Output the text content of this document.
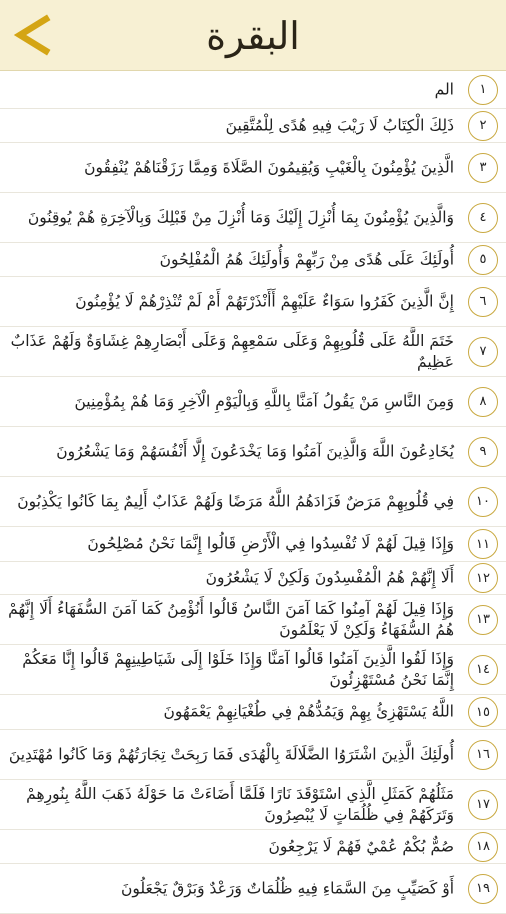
البقرة
١
الم
٢
ذَلِكَ الْكِتَابُ لَا رَيْبَ فِيهِ هُدًى لِلْمُتَّقِينَ
٣
الَّذِينَ يُؤْمِنُونَ بِالْغَيْبِ وَيُقِيمُونَ الصَّلَاةَ وَمِمَّا رَزَقْنَاهُمْ يُنْفِقُونَ
٤
وَالَّذِينَ يُؤْمِنُونَ بِمَا أُنْزِلَ إِلَيْكَ وَمَا أُنْزِلَ مِنْ قَبْلِكَ وَبِالْآخِرَةِ هُمْ يُوقِنُونَ
٥
أُولَئِكَ عَلَى هُدًى مِنْ رَبِّهِمْ وَأُولَئِكَ هُمُ الْمُفْلِحُونَ
٦
إِنَّ الَّذِينَ كَفَرُوا سَوَاءٌ عَلَيْهِمْ أَأَنْذَرْتَهُمْ أَمْ لَمْ تُنْذِرْهُمْ لَا يُؤْمِنُونَ
٧
خَتَمَ اللَّهُ عَلَى قُلُوبِهِمْ وَعَلَى سَمْعِهِمْ وَعَلَى أَبْصَارِهِمْ غِشَاوَةٌ وَلَهُمْ عَذَابٌ عَظِيمٌ
٨
وَمِنَ النَّاسِ مَنْ يَقُولُ آمَنَّا بِاللَّهِ وَبِالْيَوْمِ الْآخِرِ وَمَا هُمْ بِمُؤْمِنِينَ
٩
يُخَادِعُونَ اللَّهَ وَالَّذِينَ آمَنُوا وَمَا يَخْدَعُونَ إِلَّا أَنْفُسَهُمْ وَمَا يَشْعُرُونَ
١٠
فِي قُلُوبِهِمْ مَرَضٌ فَزَادَهُمُ اللَّهُ مَرَضًا وَلَهُمْ عَذَابٌ أَلِيمٌ بِمَا كَانُوا يَكْذِبُونَ
١١
وَإِذَا قِيلَ لَهُمْ لَا تُفْسِدُوا فِي الْأَرْضِ قَالُوا إِنَّمَا نَحْنُ مُصْلِحُونَ
١٢
أَلَا إِنَّهُمْ هُمُ الْمُفْسِدُونَ وَلَكِنْ لَا يَشْعُرُونَ
١٣
وَإِذَا قِيلَ لَهُمْ آمِنُوا كَمَا آمَنَ النَّاسُ قَالُوا أَنُؤْمِنُ كَمَا آمَنَ السُّفَهَاءُ أَلَا إِنَّهُمْ هُمُ السُّفَهَاءُ وَلَكِنْ لَا يَعْلَمُونَ
١٤
وَإِذَا لَقُوا الَّذِينَ آمَنُوا قَالُوا آمَنَّا وَإِذَا خَلَوْا إِلَى شَيَاطِينِهِمْ قَالُوا إِنَّا مَعَكُمْ إِنَّمَا نَحْنُ مُسْتَهْزِئُونَ
١٥
اللَّهُ يَسْتَهْزِئُ بِهِمْ وَيَمُدُّهُمْ فِي طُغْيَانِهِمْ يَعْمَهُونَ
١٦
أُولَئِكَ الَّذِينَ اشْتَرَوُا الضَّلَالَةَ بِالْهُدَى فَمَا رَبِحَتْ تِجَارَتُهُمْ وَمَا كَانُوا مُهْتَدِينَ
١٧
مَثَلُهُمْ كَمَثَلِ الَّذِي اسْتَوْقَدَ نَارًا فَلَمَّا أَضَاءَتْ مَا حَوْلَهُ ذَهَبَ اللَّهُ بِنُورِهِمْ وَتَرَكَهُمْ فِي ظُلُمَاتٍ لَا يُبْصِرُونَ
١٨
صُمٌّ بُكْمٌ عُمْيٌ فَهُمْ لَا يَرْجِعُونَ
١٩
أَوْ كَصَيِّبٍ مِنَ السَّمَاءِ فِيهِ ظُلُمَاتٌ وَرَعْدٌ وَبَرْقٌ يَجْعَلُونَ
